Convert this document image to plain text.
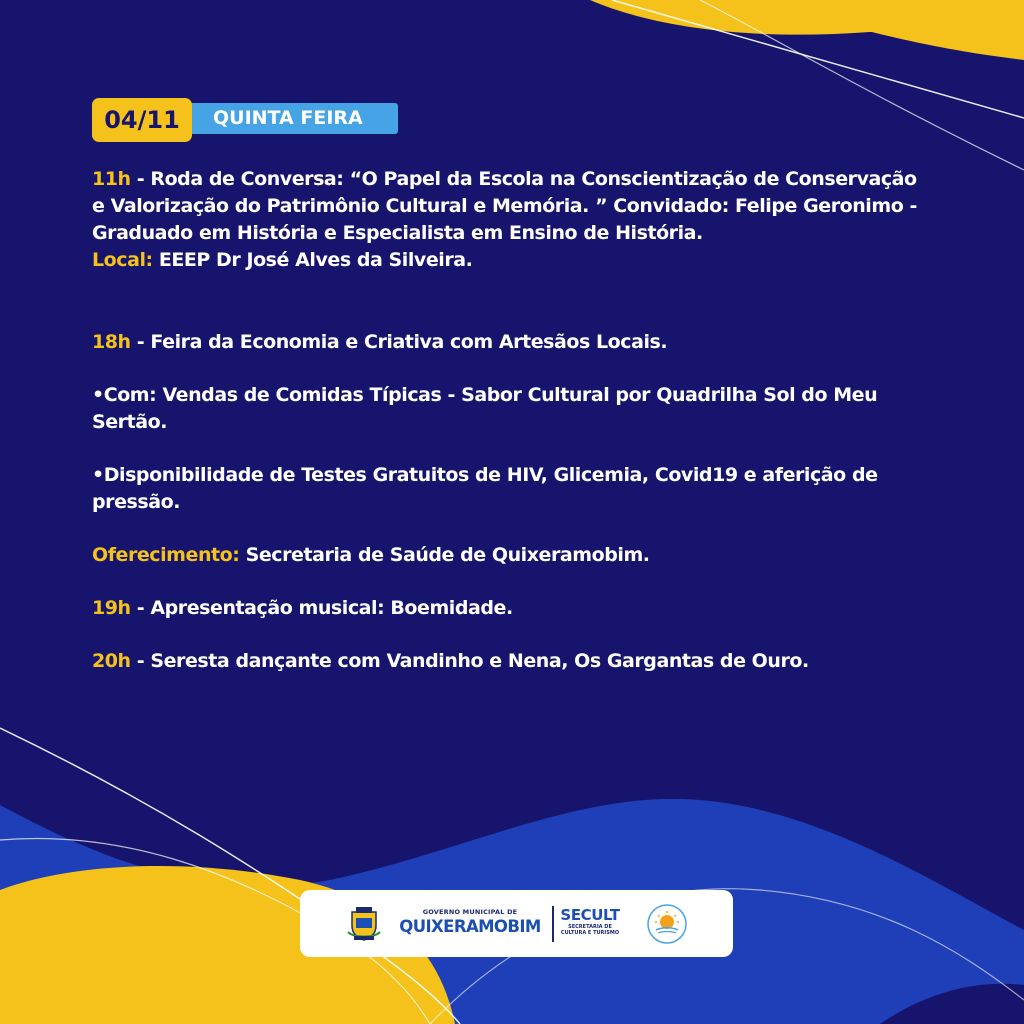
QUINTA FEIRA
04/11

11h - Roda de Conversa: “O Papel da Escola na Conscientização de Conservação e Valorização do Patrimônio Cultural e Memória. ” Convidado: Felipe Geronimo - Graduado em História e Especialista em Ensino de História.

Local: EEEP Dr José Alves da Silveira.

18h - Feira da Economia e Criativa com Artesãos Locais.

•Com: Vendas de Comidas Típicas - Sabor Cultural por Quadrilha Sol do Meu Sertão.

•Disponibilidade de Testes Gratuitos de HIV, Glicemia, Covid19 e aferição de pressão.

Oferecimento: Secretaria de Saúde de Quixeramobim.

19h - Apresentação musical: Boemidade.

20h - Seresta dançante com Vandinho e Nena, Os Gargantas de Ouro.

GOVERNO MUNICIPAL DE
QUIXERAMOBIM
SECULT
SECRETARIA DE CULTURA E TURISMO
